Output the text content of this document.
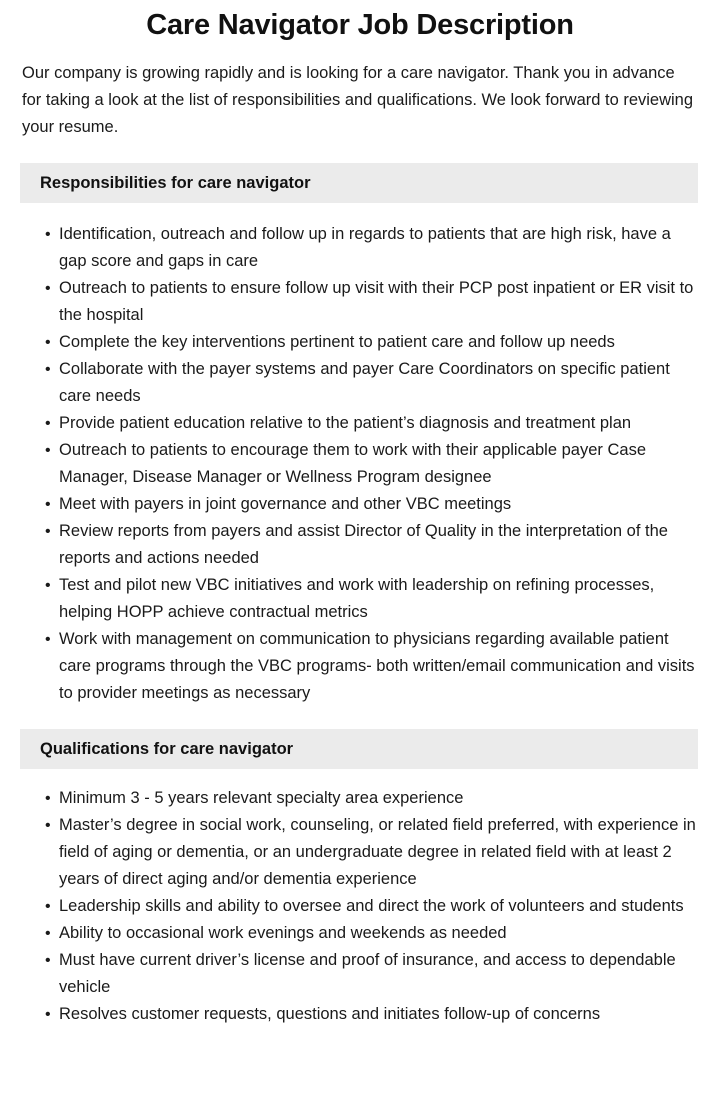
Care Navigator Job Description

Our company is growing rapidly and is looking for a care navigator. Thank you in advance for taking a look at the list of responsibilities and qualifications. We look forward to reviewing your resume.

Responsibilities for care navigator
• Identification, outreach and follow up in regards to patients that are high risk, have a gap score and gaps in care
• Outreach to patients to ensure follow up visit with their PCP post inpatient or ER visit to the hospital
• Complete the key interventions pertinent to patient care and follow up needs
• Collaborate with the payer systems and payer Care Coordinators on specific patient care needs
• Provide patient education relative to the patient’s diagnosis and treatment plan
• Outreach to patients to encourage them to work with their applicable payer Case Manager, Disease Manager or Wellness Program designee
• Meet with payers in joint governance and other VBC meetings
• Review reports from payers and assist Director of Quality in the interpretation of the reports and actions needed
• Test and pilot new VBC initiatives and work with leadership on refining processes, helping HOPP achieve contractual metrics
• Work with management on communication to physicians regarding available patient care programs through the VBC programs- both written/email communication and visits to provider meetings as necessary
Qualifications for care navigator
• Minimum 3 - 5 years relevant specialty area experience
• Master’s degree in social work, counseling, or related field preferred, with experience in field of aging or dementia, or an undergraduate degree in related field with at least 2 years of direct aging and/or dementia experience
• Leadership skills and ability to oversee and direct the work of volunteers and students
• Ability to occasional work evenings and weekends as needed
• Must have current driver’s license and proof of insurance, and access to dependable vehicle
• Resolves customer requests, questions and initiates follow-up of concerns
